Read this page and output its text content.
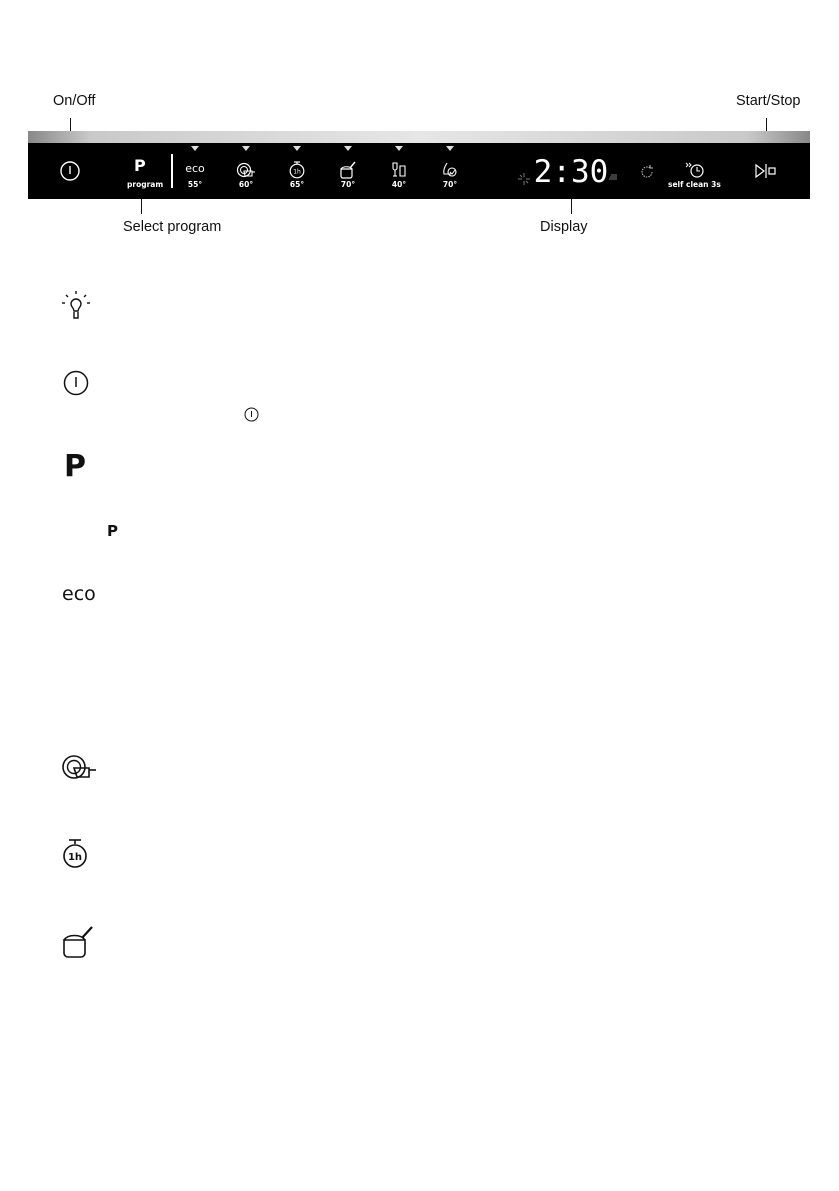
On/Off	Start/Stop
Select program	Display
P
program
eco
55°	60°
1h
65°	70°	40°	70° 2:30	self clean 3s
P
P
eco
1h
